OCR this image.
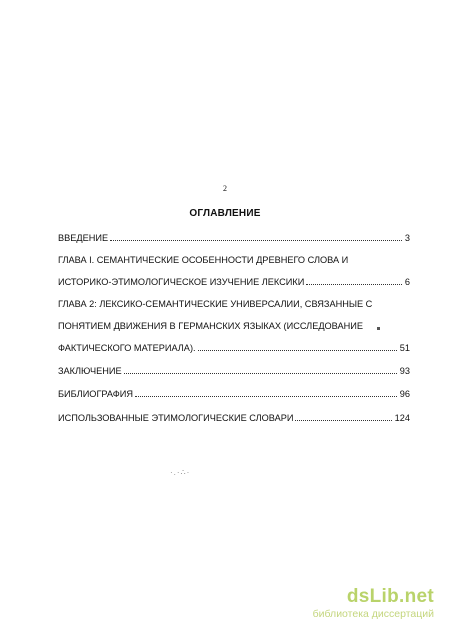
2
ОГЛАВЛЕНИЕ
ВВЕДЕНИЕ	3
ГЛАВА I. СЕМАНТИЧЕСКИЕ ОСОБЕННОСТИ ДРЕВНЕГО СЛОВА И
ИСТОРИКО-ЭТИМОЛОГИЧЕСКОЕ ИЗУЧЕНИЕ ЛЕКСИКИ	6
ГЛАВА 2: ЛЕКСИКО-СЕМАНТИЧЕСКИЕ УНИВЕРСАЛИИ, СВЯЗАННЫЕ С
ПОНЯТИЕМ ДВИЖЕНИЯ В ГЕРМАНСКИХ ЯЗЫКАХ (ИССЛЕДОВАНИЕ
ФАКТИЧЕСКОГО МАТЕРИАЛА).	51
ЗАКЛЮЧЕНИЕ	93
БИБЛИОГРАФИЯ	96
ИСПОЛЬЗОВАННЫЕ ЭТИМОЛОГИЧЕСКИЕ СЛОВАРИ	124
·.·∴·
dsLib.net
библиотека диссертаций
